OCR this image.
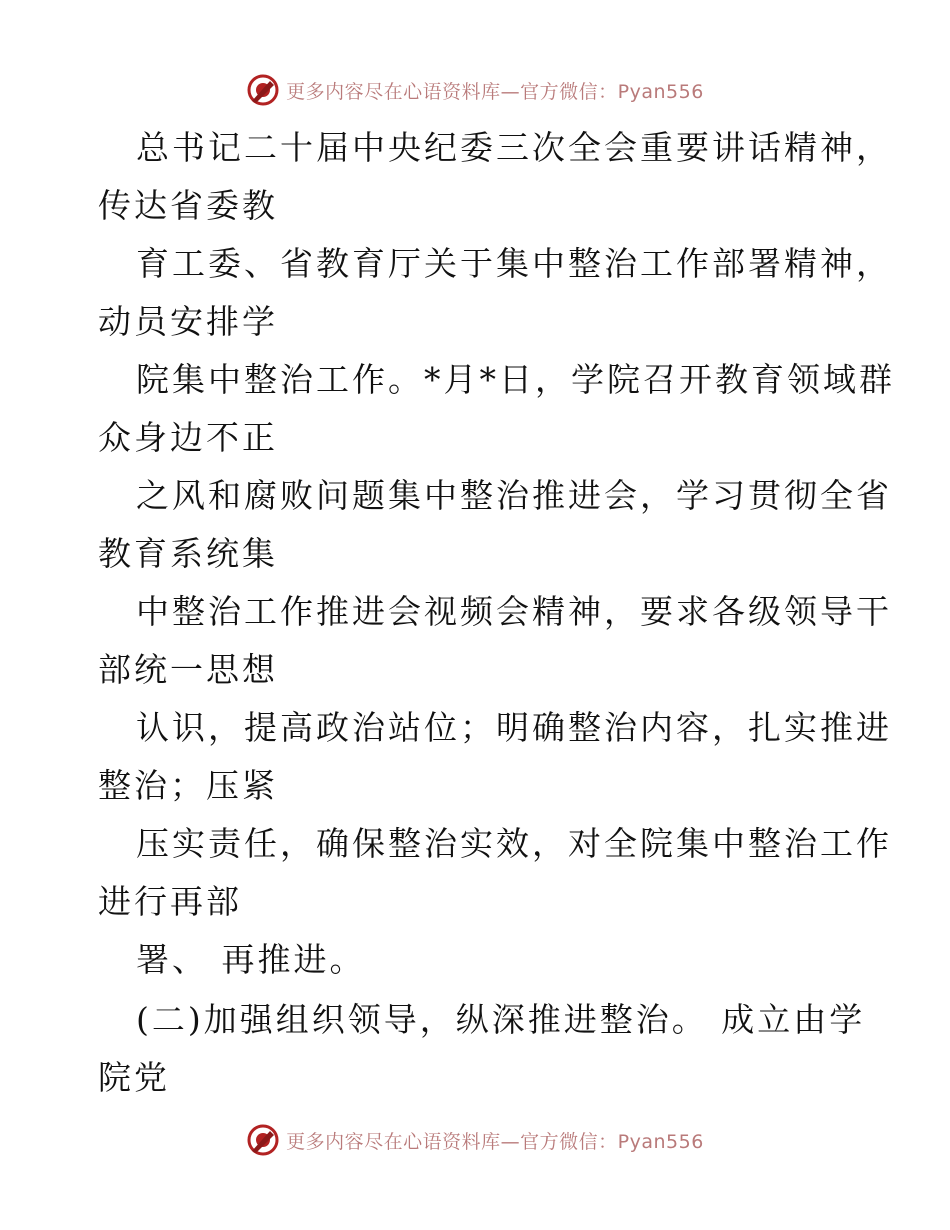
更多内容尽在心语资料库—官方微信：Pyan556
总书记二十届中央纪委三次全会重要讲话精神，
传达省委教
育工委、省教育厅关于集中整治工作部署精神，
动员安排学
院集中整治工作。*月*日，学院召开教育领域群
众身边不正
之风和腐败问题集中整治推进会，学习贯彻全省
教育系统集
中整治工作推进会视频会精神，要求各级领导干
部统一思想
认识，提高政治站位；明确整治内容，扎实推进
整治；压紧
压实责任，确保整治实效，对全院集中整治工作
进行再部
署、 再推进。
(二)加强组织领导，纵深推进整治。 成立由学
院党
更多内容尽在心语资料库—官方微信：Pyan556
